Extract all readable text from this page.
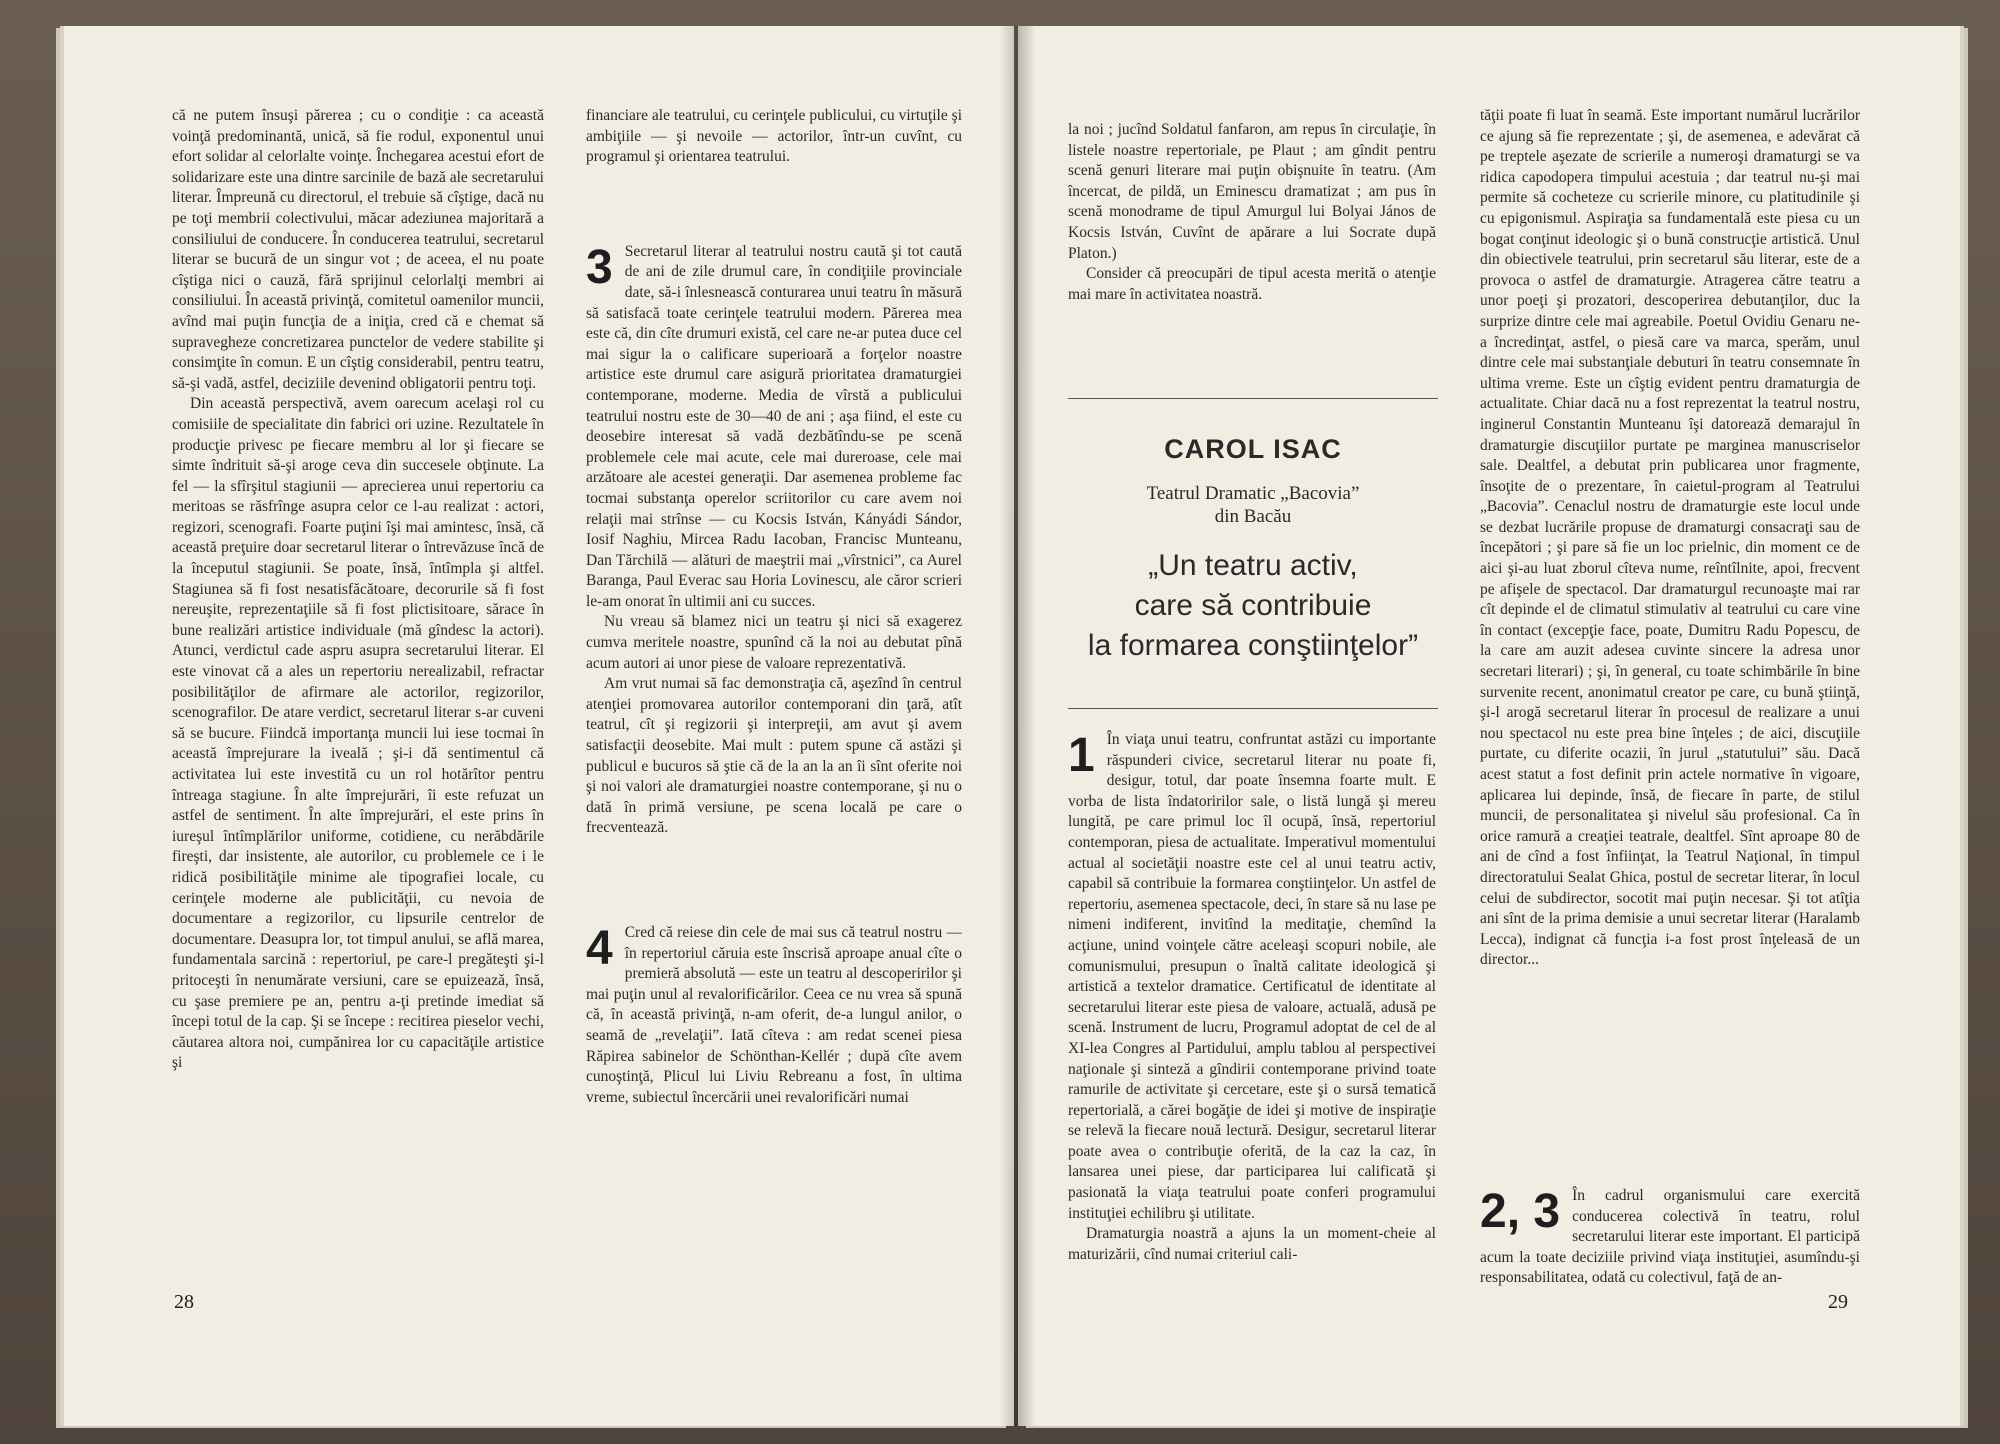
că ne putem însuşi părerea ; cu o condiţie : ca această voinţă predominantă, unică, să fie rodul, exponentul unui efort solidar al celorlalte voinţe. Închegarea acestui efort de solidarizare este una dintre sarcinile de bază ale secretarului literar. Împreună cu directorul, el trebuie să cîştige, dacă nu pe toţi membrii colectivului, măcar adeziunea majoritară a consiliului de conducere. În conducerea teatrului, secretarul literar se bucură de un singur vot ; de aceea, el nu poate cîştiga nici o cauză, fără sprijinul celorlalţi membri ai consiliului. În această privinţă, comitetul oamenilor muncii, avînd mai puţin funcţia de a iniţia, cred că e chemat să supravegheze concretizarea punctelor de vedere stabilite şi consimţite în comun. E un cîştig considerabil, pentru teatru, să-şi vadă, astfel, deciziile devenind obligatorii pentru toţi.

Din această perspectivă, avem oarecum acelaşi rol cu comisiile de specialitate din fabrici ori uzine. Rezultatele în producţie privesc pe fiecare membru al lor şi fiecare se simte îndrituit să-şi aroge ceva din succesele obţinute. La fel — la sfîrşitul stagiunii — aprecierea unui repertoriu ca meritoas se răsfrînge asupra celor ce l-au realizat : actori, regizori, scenografi. Foarte puţini îşi mai amintesc, însă, că această preţuire doar secretarul literar o întrevăzuse încă de la începutul stagiunii. Se poate, însă, întîmpla şi altfel. Stagiunea să fi fost nesatisfăcătoare, decorurile să fi fost nereuşite, reprezentaţiile să fi fost plictisitoare, sărace în bune realizări artistice individuale (mă gîndesc la actori). Atunci, verdictul cade aspru asupra secretarului literar. El este vinovat că a ales un repertoriu nerealizabil, refractar posibilităţilor de afirmare ale actorilor, regizorilor, scenografilor. De atare verdict, secretarul literar s-ar cuveni să se bucure. Fiindcă importanţa muncii lui iese tocmai în această împrejurare la iveală ; şi-i dă sentimentul că activitatea lui este investită cu un rol hotărîtor pentru întreaga stagiune. În alte împrejurări, îi este refuzat un astfel de sentiment. În alte împrejurări, el este prins în iureşul întîmplărilor uniforme, cotidiene, cu nerăbdările fireşti, dar insistente, ale autorilor, cu problemele ce i le ridică posibilităţile minime ale tipografiei locale, cu cerinţele moderne ale publicităţii, cu nevoia de documentare a regizorilor, cu lipsurile centrelor de documentare. Deasupra lor, tot timpul anului, se află marea, fundamentala sarcină : repertoriul, pe care-l pregăteşti şi-l pritoceşti în nenumărate versiuni, care se epuizează, însă, cu şase premiere pe an, pentru a-ţi pretinde imediat să începi totul de la cap. Şi se începe : recitirea pieselor vechi, căutarea altora noi, cumpănirea lor cu capacităţile artistice şi

financiare ale teatrului, cu cerinţele publicului, cu virtuţile şi ambiţiile — şi nevoile — actorilor, într-un cuvînt, cu programul şi orientarea teatrului.

3 Secretarul literar al teatrului nostru caută şi tot caută de ani de zile drumul care, în condiţiile provinciale date, să-i înlesnească conturarea unui teatru în măsură să satisfacă toate cerinţele teatrului modern. Părerea mea este că, din cîte drumuri există, cel care ne-ar putea duce cel mai sigur la o calificare superioară a forţelor noastre artistice este drumul care asigură prioritatea dramaturgiei contemporane, moderne. Media de vîrstă a publicului teatrului nostru este de 30—40 de ani ; aşa fiind, el este cu deosebire interesat să vadă dezbătîndu-se pe scenă problemele cele mai acute, cele mai dureroase, cele mai arzătoare ale acestei generaţii. Dar asemenea probleme fac tocmai substanţa operelor scriitorilor cu care avem noi relaţii mai strînse — cu Kocsis István, Kányádi Sándor, Iosif Naghiu, Mircea Radu Iacoban, Francisc Munteanu, Dan Tărchilă — alături de maeştrii mai „vîrstnici”, ca Aurel Baranga, Paul Everac sau Horia Lovinescu, ale căror scrieri le-am onorat în ultimii ani cu succes.

Nu vreau să blamez nici un teatru şi nici să exagerez cumva meritele noastre, spunînd că la noi au debutat pînă acum autori ai unor piese de valoare reprezentativă.

Am vrut numai să fac demonstraţia că, aşezînd în centrul atenţiei promovarea autorilor contemporani din ţară, atît teatrul, cît şi regizorii şi interpreţii, am avut şi avem satisfacţii deosebite. Mai mult : putem spune că astăzi şi publicul e bucuros să ştie că de la an la an îi sînt oferite noi şi noi valori ale dramaturgiei noastre contemporane, şi nu o dată în primă versiune, pe scena locală pe care o frecventează.

4 Cred că reiese din cele de mai sus că teatrul nostru — în repertoriul căruia este înscrisă aproape anual cîte o premieră absolută — este un teatru al descoperirilor şi mai puţin unul al revalorificărilor. Ceea ce nu vrea să spună că, în această privinţă, n-am oferit, de-a lungul anilor, o seamă de „revelaţii”. Iată cîteva : am redat scenei piesa Răpirea sabinelor de Schönthan-Kellér ; după cîte avem cunoştinţă, Plicul lui Liviu Rebreanu a fost, în ultima vreme, subiectul încercării unei revalorificări numai

28

la noi ; jucînd Soldatul fanfaron, am repus în circulaţie, în listele noastre repertoriale, pe Plaut ; am gîndit pentru scenă genuri literare mai puţin obişnuite în teatru. (Am încercat, de pildă, un Eminescu dramatizat ; am pus în scenă monodrame de tipul Amurgul lui Bolyai János de Kocsis István, Cuvînt de apărare a lui Socrate după Platon.)

Consider că preocupări de tipul acesta merită o atenţie mai mare în activitatea noastră.

CAROL ISAC
Teatrul Dramatic „Bacovia”
din Bacău
„Un teatru activ,
care să contribuie
la formarea conştiinţelor”
1 În viaţa unui teatru, confruntat astăzi cu importante răspunderi civice, secretarul literar nu poate fi, desigur, totul, dar poate însemna foarte mult. E vorba de lista îndatoririlor sale, o listă lungă şi mereu lungită, pe care primul loc îl ocupă, însă, repertoriul contemporan, piesa de actualitate. Imperativul momentului actual al societăţii noastre este cel al unui teatru activ, capabil să contribuie la formarea conştiinţelor. Un astfel de repertoriu, asemenea spectacole, deci, în stare să nu lase pe nimeni indiferent, invitînd la meditaţie, chemînd la acţiune, unind voinţele către aceleaşi scopuri nobile, ale comunismului, presupun o înaltă calitate ideologică şi artistică a textelor dramatice. Certificatul de identitate al secretarului literar este piesa de valoare, actuală, adusă pe scenă. Instrument de lucru, Programul adoptat de cel de al XI-lea Congres al Partidului, amplu tablou al perspectivei naţionale şi sinteză a gîndirii contemporane privind toate ramurile de activitate şi cercetare, este şi o sursă tematică repertorială, a cărei bogăţie de idei şi motive de inspiraţie se relevă la fiecare nouă lectură. Desigur, secretarul literar poate avea o contribuţie oferită, de la caz la caz, în lansarea unei piese, dar participarea lui calificată şi pasionată la viaţa teatrului poate conferi programului instituţiei echilibru şi utilitate.

Dramaturgia noastră a ajuns la un moment-cheie al maturizării, cînd numai criteriul cali-

tăţii poate fi luat în seamă. Este important numărul lucrărilor ce ajung să fie reprezentate ; şi, de asemenea, e adevărat că pe treptele aşezate de scrierile a numeroşi dramaturgi se va ridica capodopera timpului acestuia ; dar teatrul nu-şi mai permite să cocheteze cu scrierile minore, cu platitudinile şi cu epigonismul. Aspiraţia sa fundamentală este piesa cu un bogat conţinut ideologic şi o bună construcţie artistică. Unul din obiectivele teatrului, prin secretarul său literar, este de a provoca o astfel de dramaturgie. Atragerea către teatru a unor poeţi şi prozatori, descoperirea debutanţilor, duc la surprize dintre cele mai agreabile. Poetul Ovidiu Genaru ne-a încredinţat, astfel, o piesă care va marca, sperăm, unul dintre cele mai substanţiale debuturi în teatru consemnate în ultima vreme. Este un cîştig evident pentru dramaturgia de actualitate. Chiar dacă nu a fost reprezentat la teatrul nostru, inginerul Constantin Munteanu îşi datorează demarajul în dramaturgie discuţiilor purtate pe marginea manuscriselor sale. Dealtfel, a debutat prin publicarea unor fragmente, însoţite de o prezentare, în caietul-program al Teatrului „Bacovia”. Cenaclul nostru de dramaturgie este locul unde se dezbat lucrările propuse de dramaturgi consacraţi sau de începători ; şi pare să fie un loc prielnic, din moment ce de aici şi-au luat zborul cîteva nume, reîntîlnite, apoi, frecvent pe afişele de spectacol. Dar dramaturgul recunoaşte mai rar cît depinde el de climatul stimulativ al teatrului cu care vine în contact (excepţie face, poate, Dumitru Radu Popescu, de la care am auzit adesea cuvinte sincere la adresa unor secretari literari) ; şi, în general, cu toate schimbările în bine survenite recent, anonimatul creator pe care, cu bună ştiinţă, şi-l arogă secretarul literar în procesul de realizare a unui nou spectacol nu este prea bine înţeles ; de aici, discuţiile purtate, cu diferite ocazii, în jurul „statutului” său. Dacă acest statut a fost definit prin actele normative în vigoare, aplicarea lui depinde, însă, de fiecare în parte, de stilul muncii, de personalitatea şi nivelul său profesional. Ca în orice ramură a creaţiei teatrale, dealtfel. Sînt aproape 80 de ani de cînd a fost înfiinţat, la Teatrul Naţional, în timpul directoratului Sealat Ghica, postul de secretar literar, în locul celui de subdirector, socotit mai puţin necesar. Şi tot atîţia ani sînt de la prima demisie a unui secretar literar (Haralamb Lecca), indignat că funcţia i-a fost prost înţeleasă de un director...

2, 3 În cadrul organismului care exercită conducerea colectivă în teatru, rolul secretarului literar este important. El participă acum la toate deciziile privind viaţa instituţiei, asumîndu-şi responsabilitatea, odată cu colectivul, faţă de an-

29
